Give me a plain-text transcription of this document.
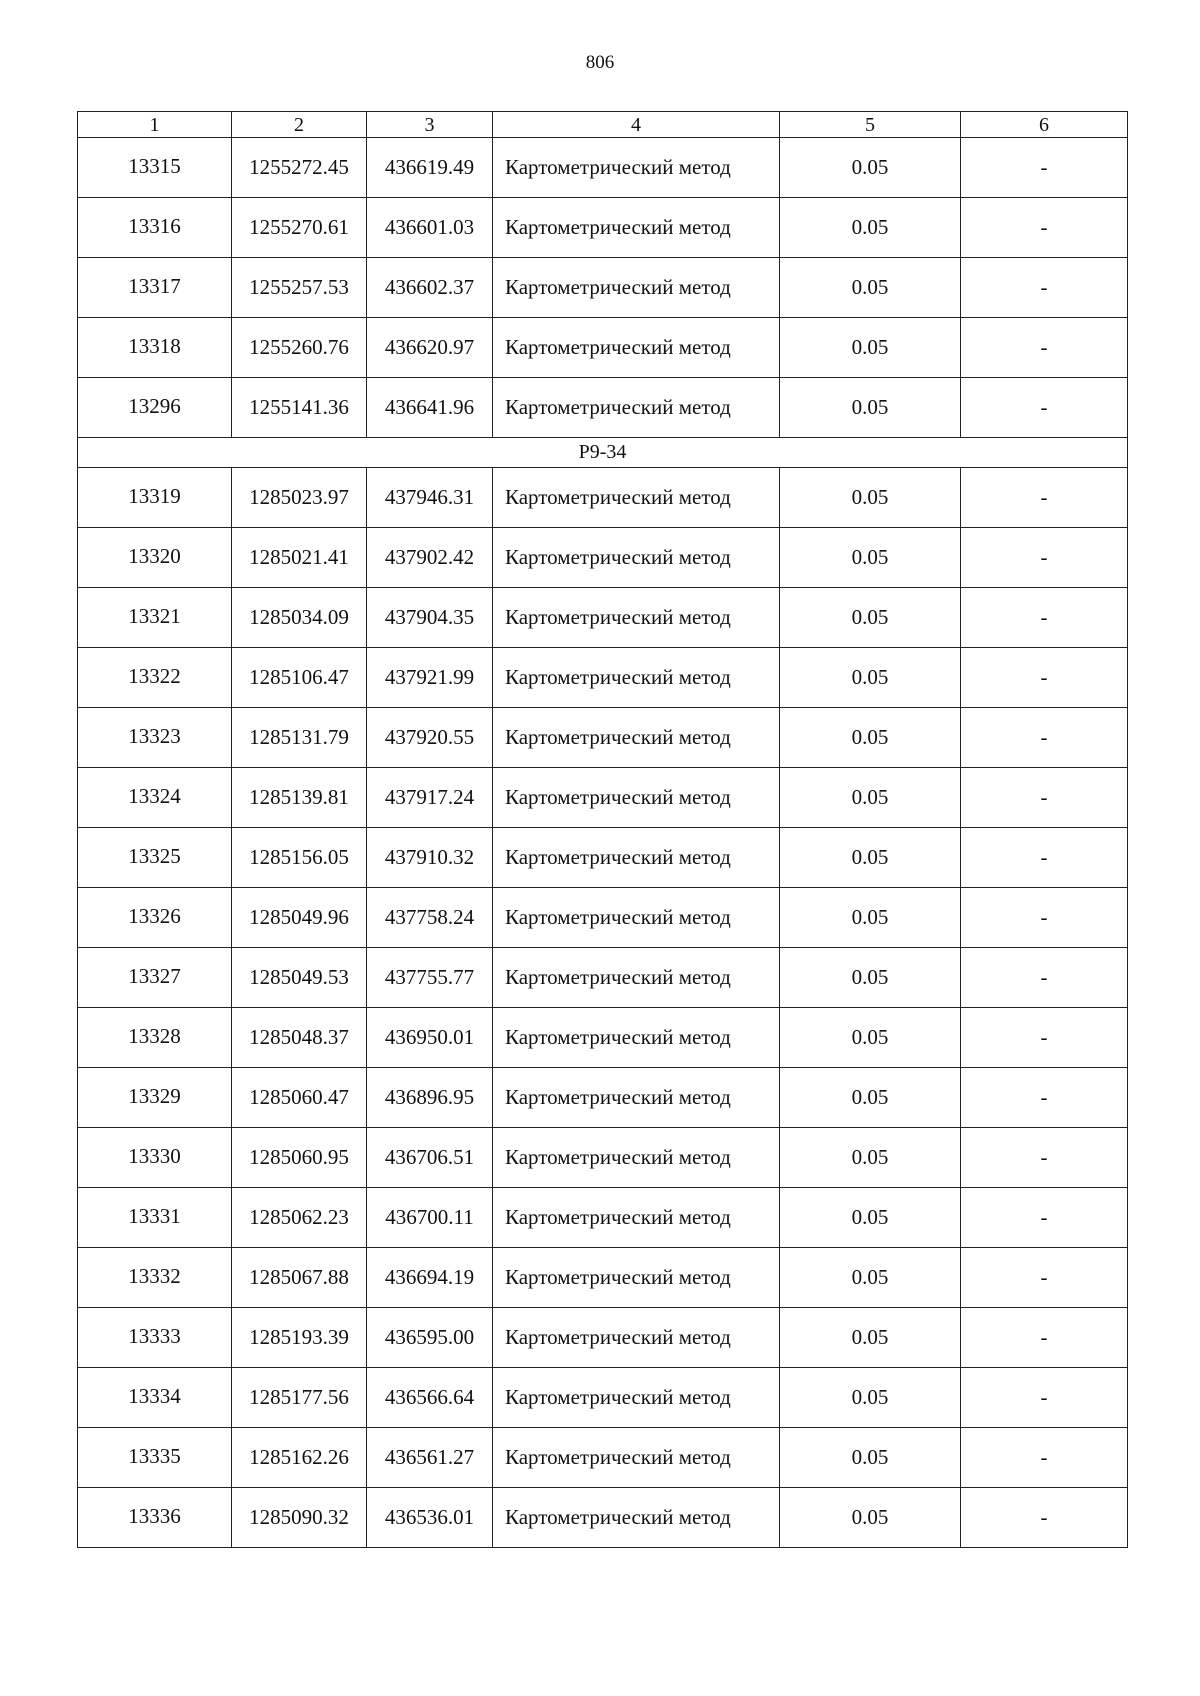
806
1	2	3	4	5	6
13315	1255272.45	436619.49	Картометрический метод	0.05	-
13316	1255270.61	436601.03	Картометрический метод	0.05	-
13317	1255257.53	436602.37	Картометрический метод	0.05	-
13318	1255260.76	436620.97	Картометрический метод	0.05	-
13296	1255141.36	436641.96	Картометрический метод	0.05	-
Р9-34					
13319	1285023.97	437946.31	Картометрический метод	0.05	-
13320	1285021.41	437902.42	Картометрический метод	0.05	-
13321	1285034.09	437904.35	Картометрический метод	0.05	-
13322	1285106.47	437921.99	Картометрический метод	0.05	-
13323	1285131.79	437920.55	Картометрический метод	0.05	-
13324	1285139.81	437917.24	Картометрический метод	0.05	-
13325	1285156.05	437910.32	Картометрический метод	0.05	-
13326	1285049.96	437758.24	Картометрический метод	0.05	-
13327	1285049.53	437755.77	Картометрический метод	0.05	-
13328	1285048.37	436950.01	Картометрический метод	0.05	-
13329	1285060.47	436896.95	Картометрический метод	0.05	-
13330	1285060.95	436706.51	Картометрический метод	0.05	-
13331	1285062.23	436700.11	Картометрический метод	0.05	-
13332	1285067.88	436694.19	Картометрический метод	0.05	-
13333	1285193.39	436595.00	Картометрический метод	0.05	-
13334	1285177.56	436566.64	Картометрический метод	0.05	-
13335	1285162.26	436561.27	Картометрический метод	0.05	-
13336	1285090.32	436536.01	Картометрический метод	0.05	-
